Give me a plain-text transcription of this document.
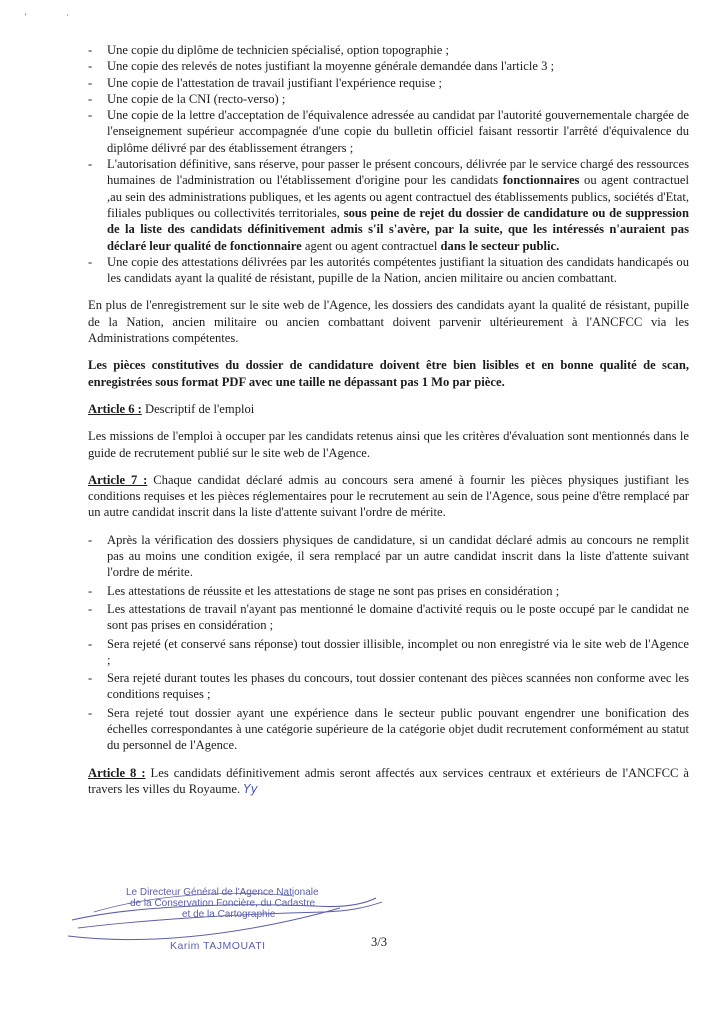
'	·
- Une copie du diplôme de technicien spécialisé, option topographie ;
- Une copie des relevés de notes justifiant la moyenne générale demandée dans l'article 3 ;
- Une copie de l'attestation de travail justifiant l'expérience requise ;
- Une copie de la CNI (recto-verso) ;
- Une copie de la lettre d'acceptation de l'équivalence adressée au candidat par l'autorité gouvernementale chargée de l'enseignement supérieur accompagnée d'une copie du bulletin officiel faisant ressortir l'arrêté d'équivalence du diplôme délivré par des établissement étrangers ;
- L'autorisation définitive, sans réserve, pour passer le présent concours, délivrée par le service chargé des ressources humaines de l'administration ou l'établissement d'origine pour les candidats fonctionnaires ou agent contractuel ,au sein des administrations publiques, et les agents ou agent contractuel des établissements publics, sociétés d'Etat, filiales publiques ou collectivités territoriales, sous peine de rejet du dossier de candidature ou de suppression de la liste des candidats définitivement admis s'il s'avère, par la suite, que les intéressés n'auraient pas déclaré leur qualité de fonctionnaire agent ou agent contractuel dans le secteur public.
- Une copie des attestations délivrées par les autorités compétentes justifiant la situation des candidats handicapés ou les candidats ayant la qualité de résistant, pupille de la Nation, ancien militaire ou ancien combattant.

En plus de l'enregistrement sur le site web de l'Agence, les dossiers des candidats ayant la qualité de résistant, pupille de la Nation, ancien militaire ou ancien combattant doivent parvenir ultérieurement à l'ANCFCC via les Administrations compétentes.

Les pièces constitutives du dossier de candidature doivent être bien lisibles et en bonne qualité de scan, enregistrées sous format PDF avec une taille ne dépassant pas 1 Mo par pièce.

Article 6 : Descriptif de l'emploi

Les missions de l'emploi à occuper par les candidats retenus ainsi que les critères d'évaluation sont mentionnés dans le guide de recrutement publié sur le site web de l'Agence.

Article 7 : Chaque candidat déclaré admis au concours sera amené à fournir les pièces physiques justifiant les conditions requises et les pièces réglementaires pour le recrutement au sein de l'Agence, sous peine d'être remplacé par un autre candidat inscrit dans la liste d'attente suivant l'ordre de mérite.

- Après la vérification des dossiers physiques de candidature, si un candidat déclaré admis au concours ne remplit pas au moins une condition exigée, il sera remplacé par un autre candidat inscrit dans la liste d'attente suivant l'ordre de mérite.
- Les attestations de réussite et les attestations de stage ne sont pas prises en considération ;
- Les attestations de travail n'ayant pas mentionné le domaine d'activité requis ou le poste occupé par le candidat ne sont pas prises en considération ;
- Sera rejeté (et conservé sans réponse) tout dossier illisible, incomplet ou non enregistré via le site web de l'Agence ;
- Sera rejeté durant toutes les phases du concours, tout dossier contenant des pièces scannées non conforme avec les conditions requises ;
- Sera rejeté tout dossier ayant une expérience dans le secteur public pouvant engendrer une bonification des échelles correspondantes à une catégorie supérieure de la catégorie objet dudit recrutement conformément au statut du personnel de l'Agence.

Article 8 : Les candidats définitivement admis seront affectés aux services centraux et extérieurs de l'ANCFCC à travers les villes du Royaume. Yy

Le Directeur Général de l'Agence Nationale
de la Conservation Foncière, du Cadastre
et de la Cartographie
Karim TAJMOUATI	3/3
